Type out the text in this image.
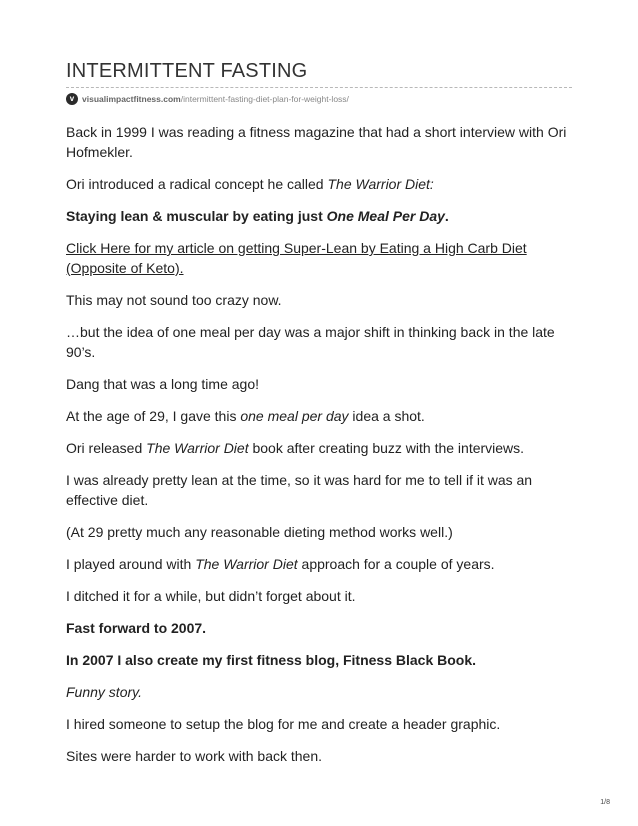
INTERMITTENT FASTING
v visualimpactfitness.com/intermittent-fasting-diet-plan-for-weight-loss/

Back in 1999 I was reading a fitness magazine that had a short interview with Ori Hofmekler.

Ori introduced a radical concept he called The Warrior Diet:

Staying lean & muscular by eating just One Meal Per Day.

Click Here for my article on getting Super-Lean by Eating a High Carb Diet (Opposite of Keto).

This may not sound too crazy now.

…but the idea of one meal per day was a major shift in thinking back in the late 90’s.

Dang that was a long time ago!

At the age of 29, I gave this one meal per day idea a shot.

Ori released The Warrior Diet book after creating buzz with the interviews.

I was already pretty lean at the time, so it was hard for me to tell if it was an effective diet.

(At 29 pretty much any reasonable dieting method works well.)

I played around with The Warrior Diet approach for a couple of years.

I ditched it for a while, but didn’t forget about it.

Fast forward to 2007.

In 2007 I also create my first fitness blog, Fitness Black Book.

Funny story.

I hired someone to setup the blog for me and create a header graphic.

Sites were harder to work with back then.

1/8
